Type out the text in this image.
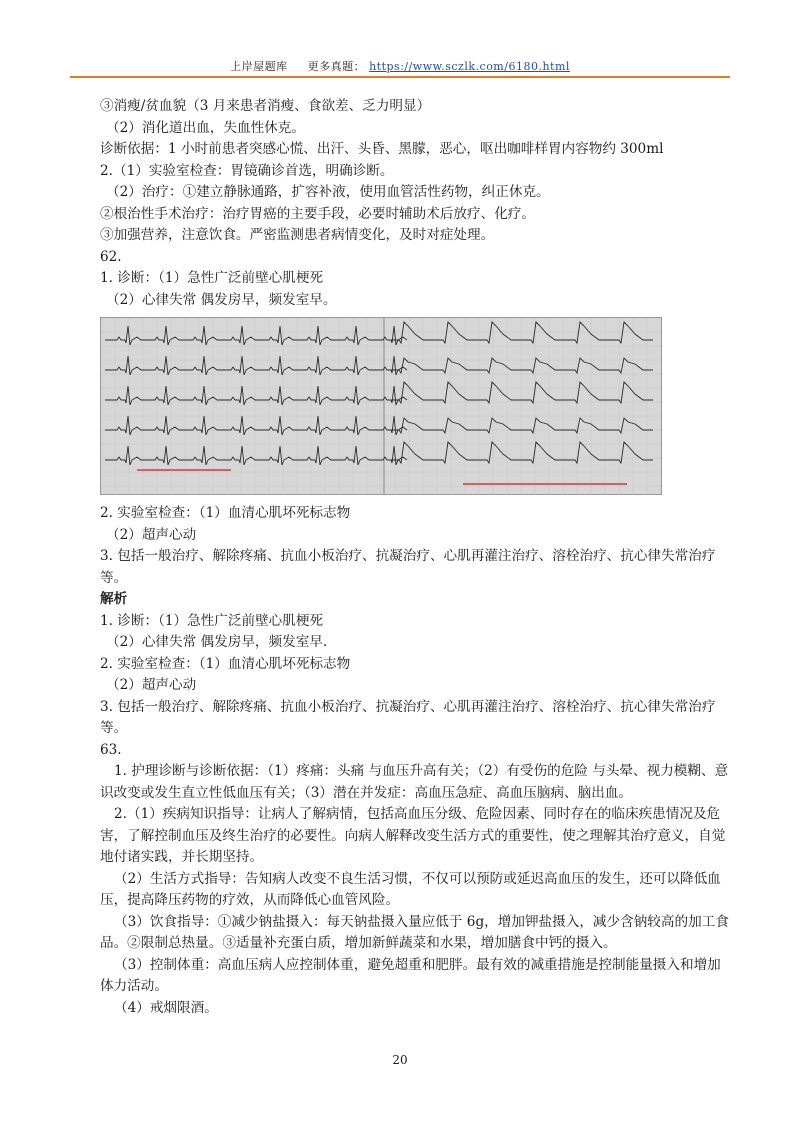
上岸屋题库 更多真题： https://www.sczlk.com/6180.html
③消瘦/贫血貌（3 月来患者消瘦、食欲差、乏力明显）
（2）消化道出血，失血性休克。
诊断依据：1 小时前患者突感心慌、出汗、头昏、黑朦，恶心，呕出咖啡样胃内容物约 300ml
2.（1）实验室检查：胃镜确诊首选，明确诊断。
（2）治疗：①建立静脉通路，扩容补液，使用血管活性药物，纠正休克。
②根治性手术治疗：治疗胃癌的主要手段，必要时辅助术后放疗、化疗。
③加强营养，注意饮食。严密监测患者病情变化，及时对症处理。
62.
1. 诊断：（1）急性广泛前壁心肌梗死
（2）心律失常 偶发房早，频发室早。
2. 实验室检查：（1）血清心肌坏死标志物
（2）超声心动
3. 包括一般治疗、解除疼痛、抗血小板治疗、抗凝治疗、心肌再灌注治疗、溶栓治疗、抗心律失常治疗等。
解析
1. 诊断：（1）急性广泛前壁心肌梗死
（2）心律失常 偶发房早，频发室早.
2. 实验室检查：（1）血清心肌坏死标志物
（2）超声心动
3. 包括一般治疗、解除疼痛、抗血小板治疗、抗凝治疗、心肌再灌注治疗、溶栓治疗、抗心律失常治疗等。
63.
1. 护理诊断与诊断依据：（1）疼痛：头痛 与血压升高有关；（2）有受伤的危险 与头晕、视力模糊、意识改变或发生直立性低血压有关；（3）潜在并发症：高血压急症、高血压脑病、脑出血。
2.（1）疾病知识指导：让病人了解病情，包括高血压分级、危险因素、同时存在的临床疾患情况及危害，了解控制血压及终生治疗的必要性。向病人解释改变生活方式的重要性，使之理解其治疗意义，自觉地付诸实践，并长期坚持。
（2）生活方式指导：告知病人改变不良生活习惯，不仅可以预防或延迟高血压的发生，还可以降低血压，提高降压药物的疗效，从而降低心血管风险。
（3）饮食指导：①减少钠盐摄入：每天钠盐摄入量应低于 6g，增加钾盐摄入，减少含钠较高的加工食品。②限制总热量。③适量补充蛋白质，增加新鲜蔬菜和水果，增加膳食中钙的摄入。
（3）控制体重：高血压病人应控制体重，避免超重和肥胖。最有效的减重措施是控制能量摄入和增加体力活动。
（4）戒烟限酒。
20
